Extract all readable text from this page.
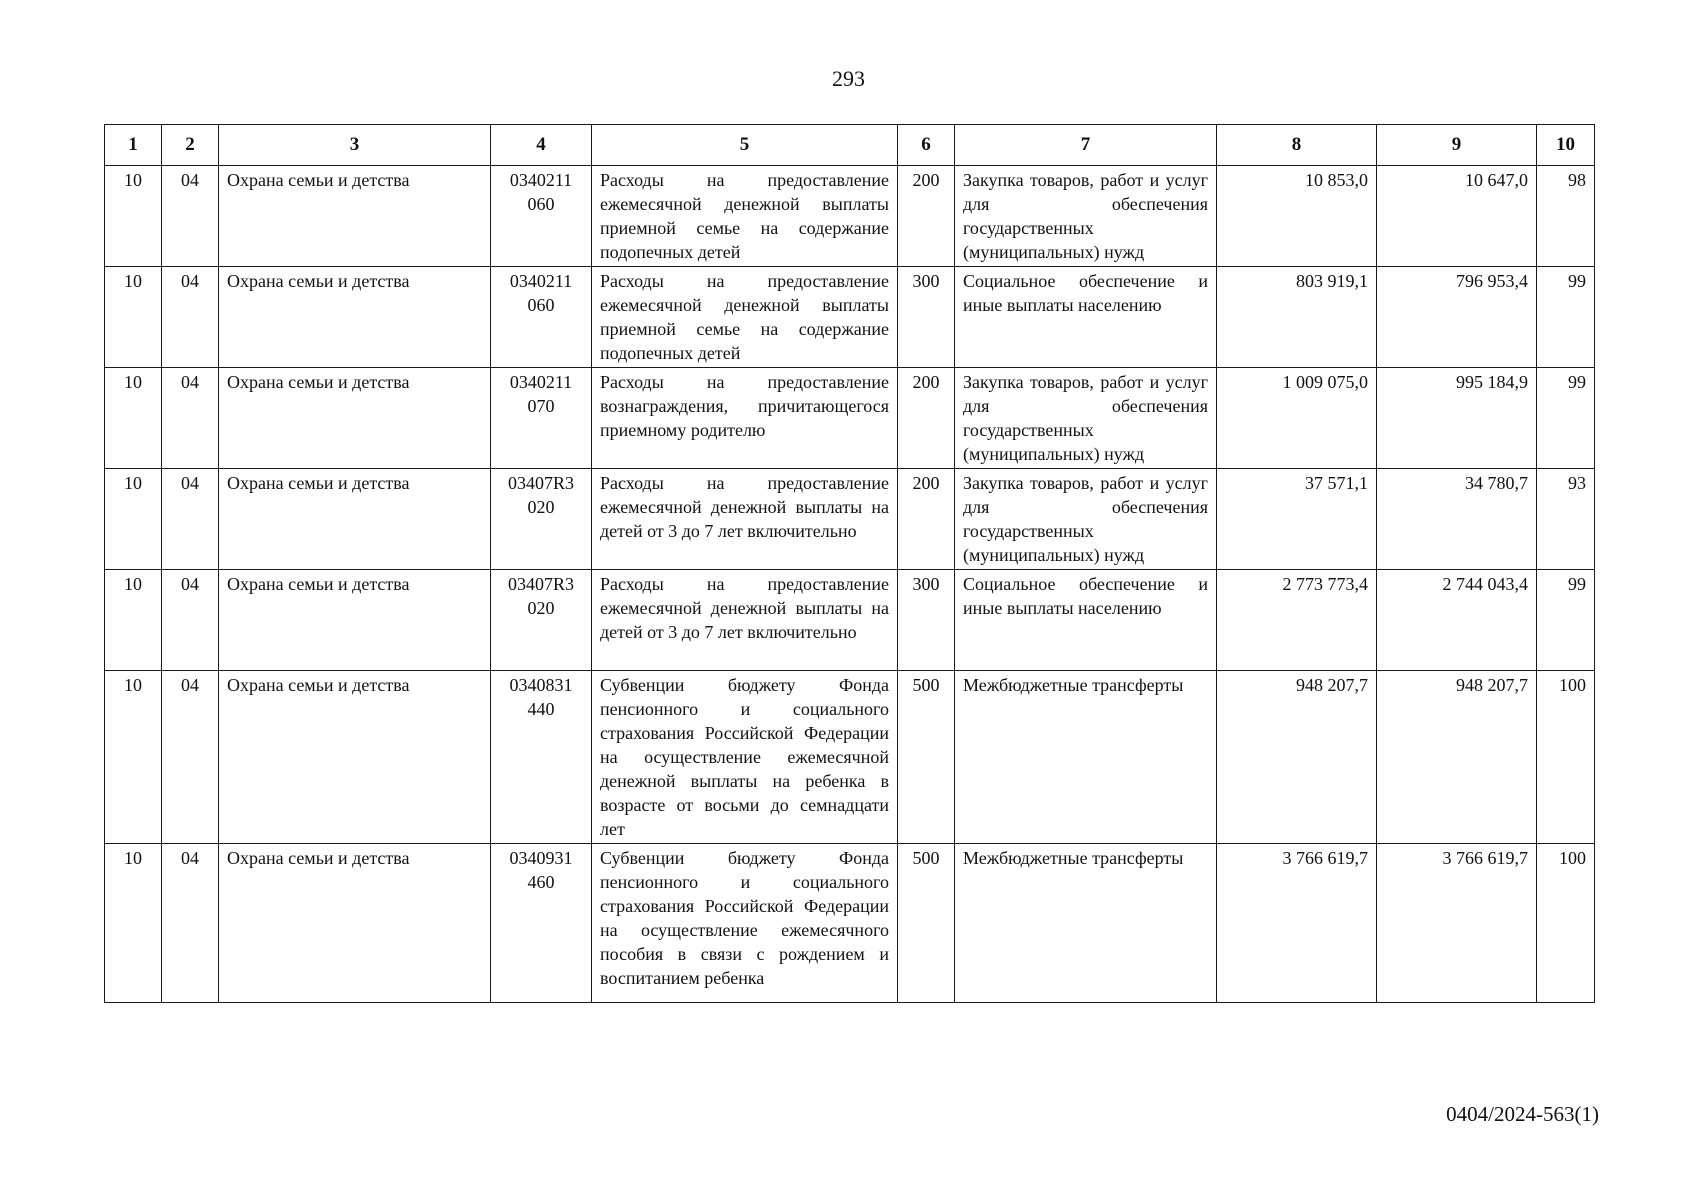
293
1	2	3	4	5	6	7	8	9	10
10	04	Охрана семьи и детства	0340211 060	Расходы на предоставление ежемесячной денежной выплаты приемной семье на содержание подопечных детей	200	Закупка товаров, работ и услуг для обеспечения государственных (муниципальных) нужд	10 853,0	10 647,0	98
10	04	Охрана семьи и детства	0340211 060	Расходы на предоставление ежемесячной денежной выплаты приемной семье на содержание подопечных детей	300	Социальное обеспечение и иные выплаты населению	803 919,1	796 953,4	99
10	04	Охрана семьи и детства	0340211 070	Расходы на предоставление вознаграждения, причитающегося приемному родителю	200	Закупка товаров, работ и услуг для обеспечения государственных (муниципальных) нужд	1 009 075,0	995 184,9	99
10	04	Охрана семьи и детства	03407R3 020	Расходы на предоставление ежемесячной денежной выплаты на детей от 3 до 7 лет включительно	200	Закупка товаров, работ и услуг для обеспечения государственных (муниципальных) нужд	37 571,1	34 780,7	93
10	04	Охрана семьи и детства	03407R3 020	Расходы на предоставление ежемесячной денежной выплаты на детей от 3 до 7 лет включительно	300	Социальное обеспечение и иные выплаты населению	2 773 773,4	2 744 043,4	99
10	04	Охрана семьи и детства	0340831 440	Субвенции бюджету Фонда пенсионного и социального страхования Российской Федерации на осуществление ежемесячной денежной выплаты на ребенка в возрасте от восьми до семнадцати лет	500	Межбюджетные трансферты	948 207,7	948 207,7	100
10	04	Охрана семьи и детства	0340931 460	Субвенции бюджету Фонда пенсионного и социального страхования Российской Федерации на осуществление ежемесячного пособия в связи с рождением и воспитанием ребенка	500	Межбюджетные трансферты	3 766 619,7	3 766 619,7	100
0404/2024-563(1)
